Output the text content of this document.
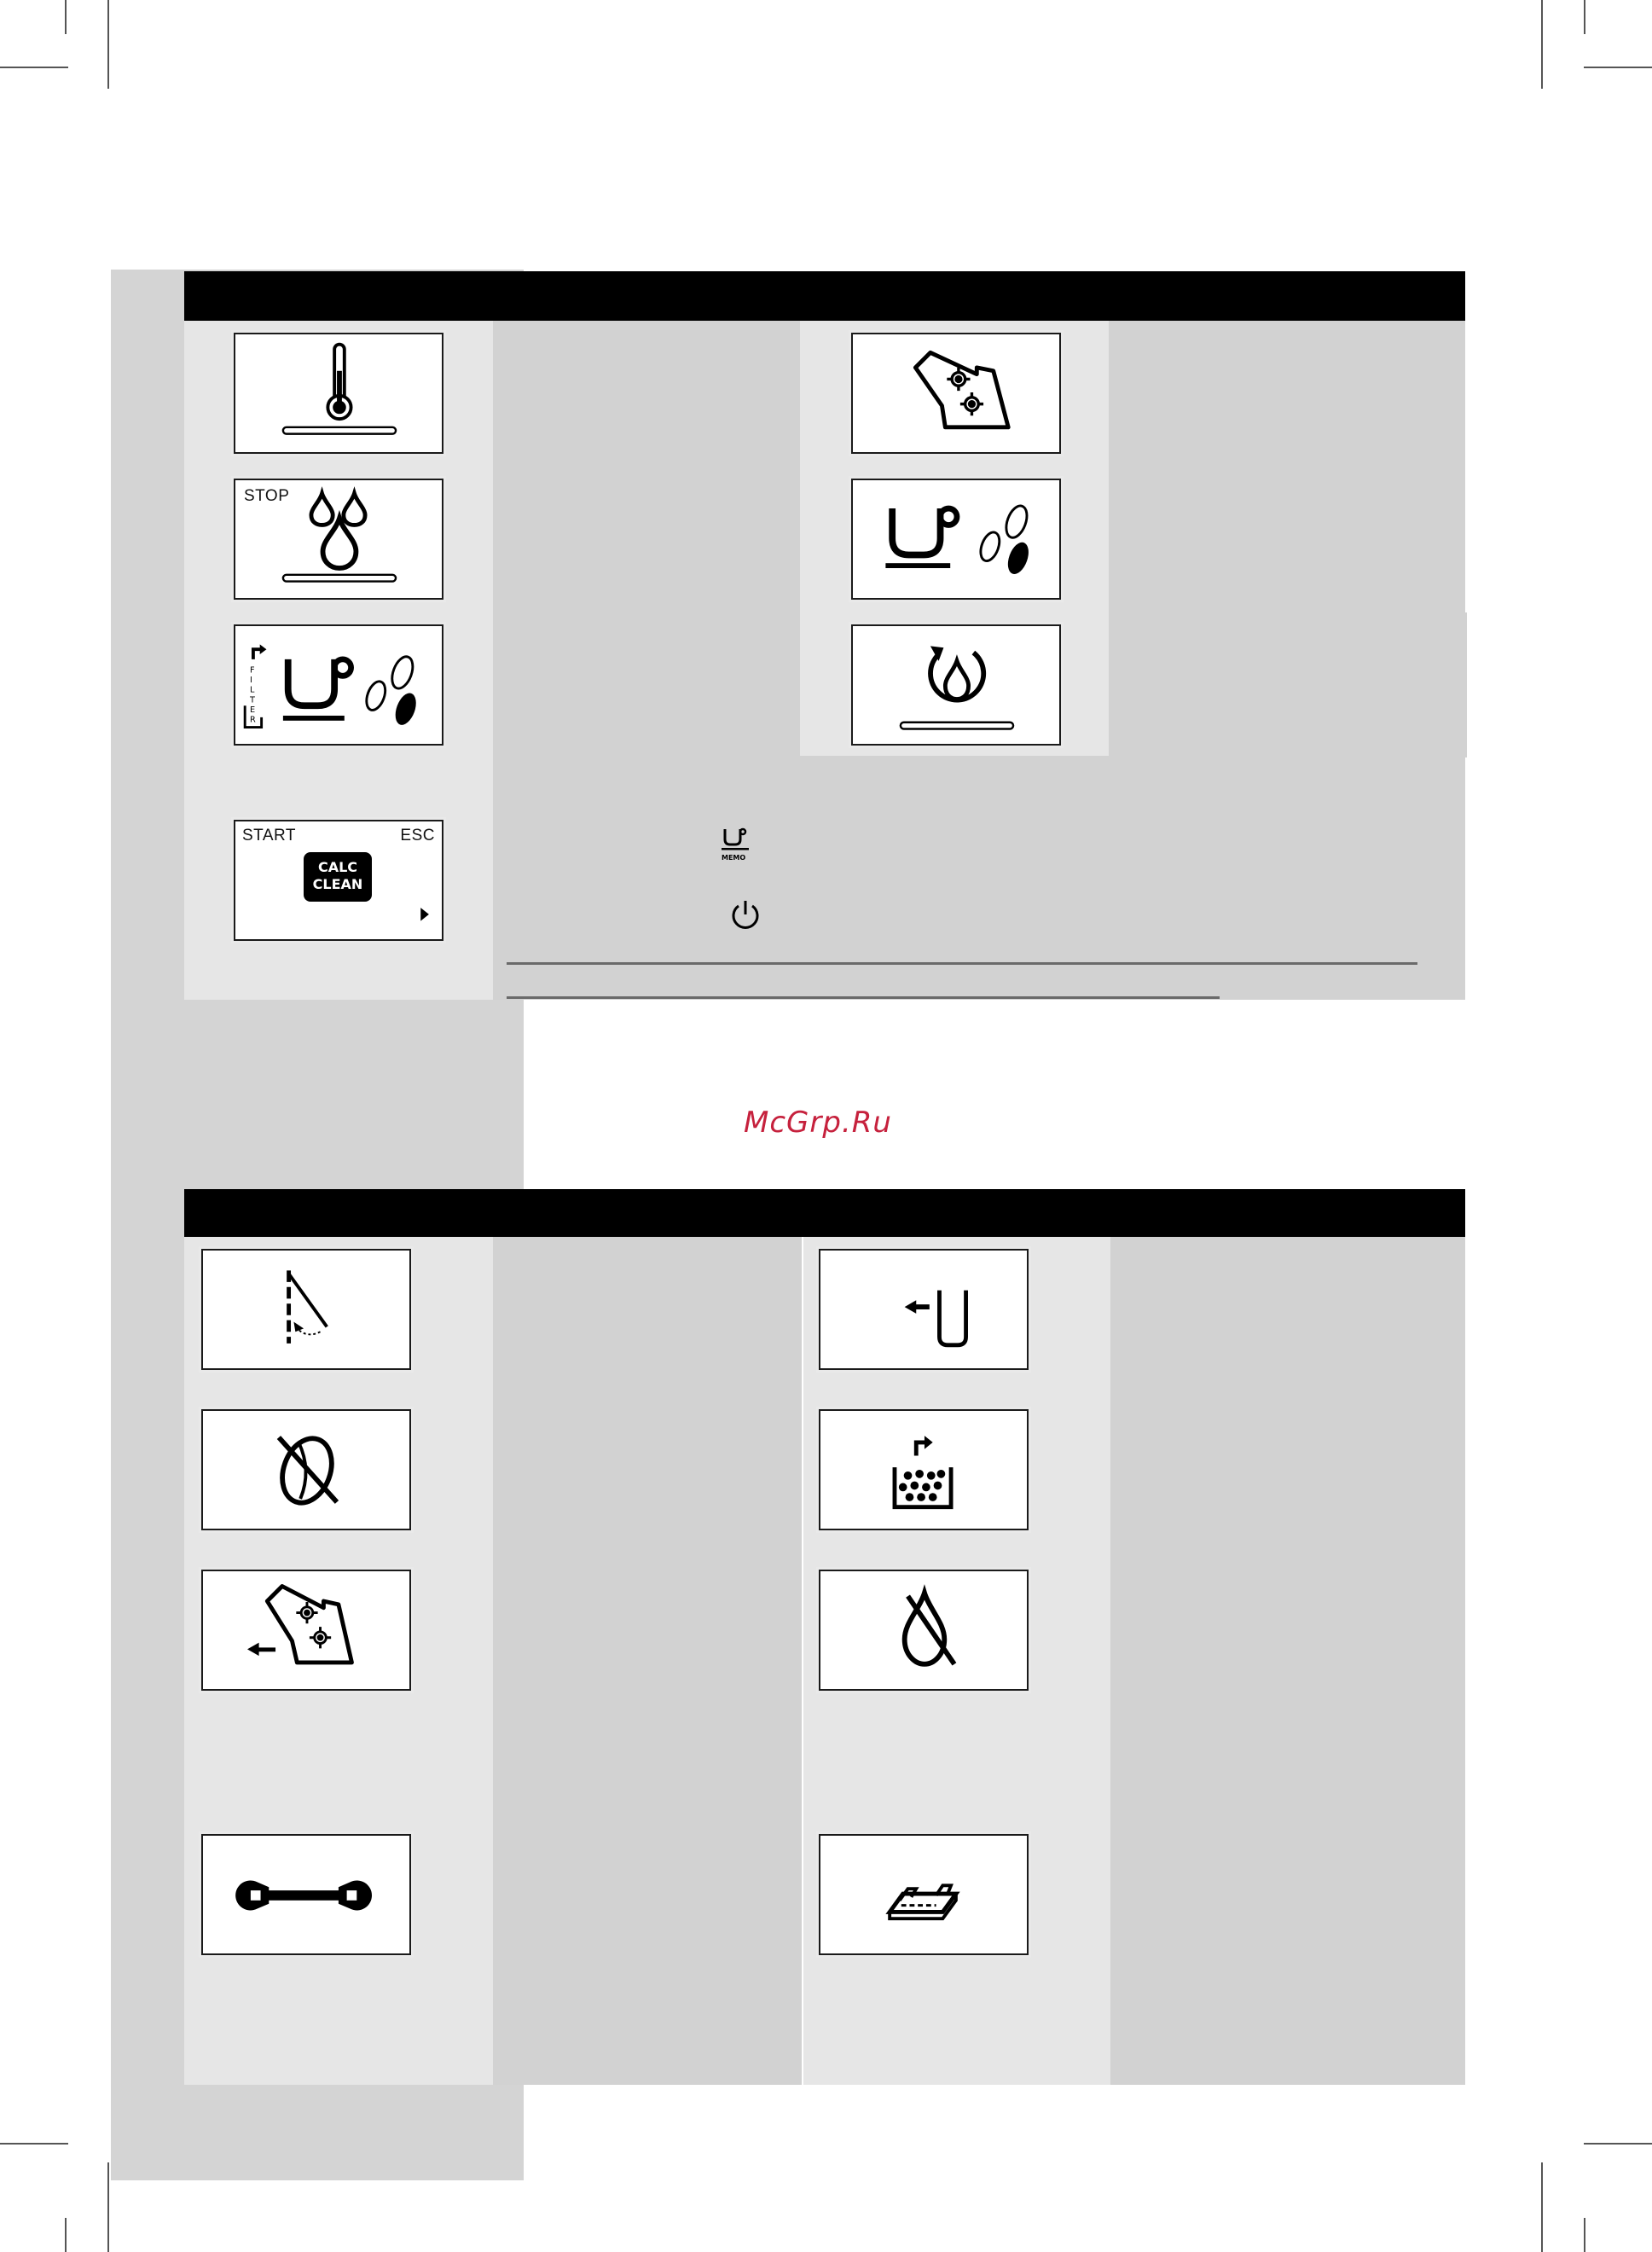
STOP
F
I
L
T
E
R
START	ESC
CALC
CLEAN
MEMO
McGrp.Ru
